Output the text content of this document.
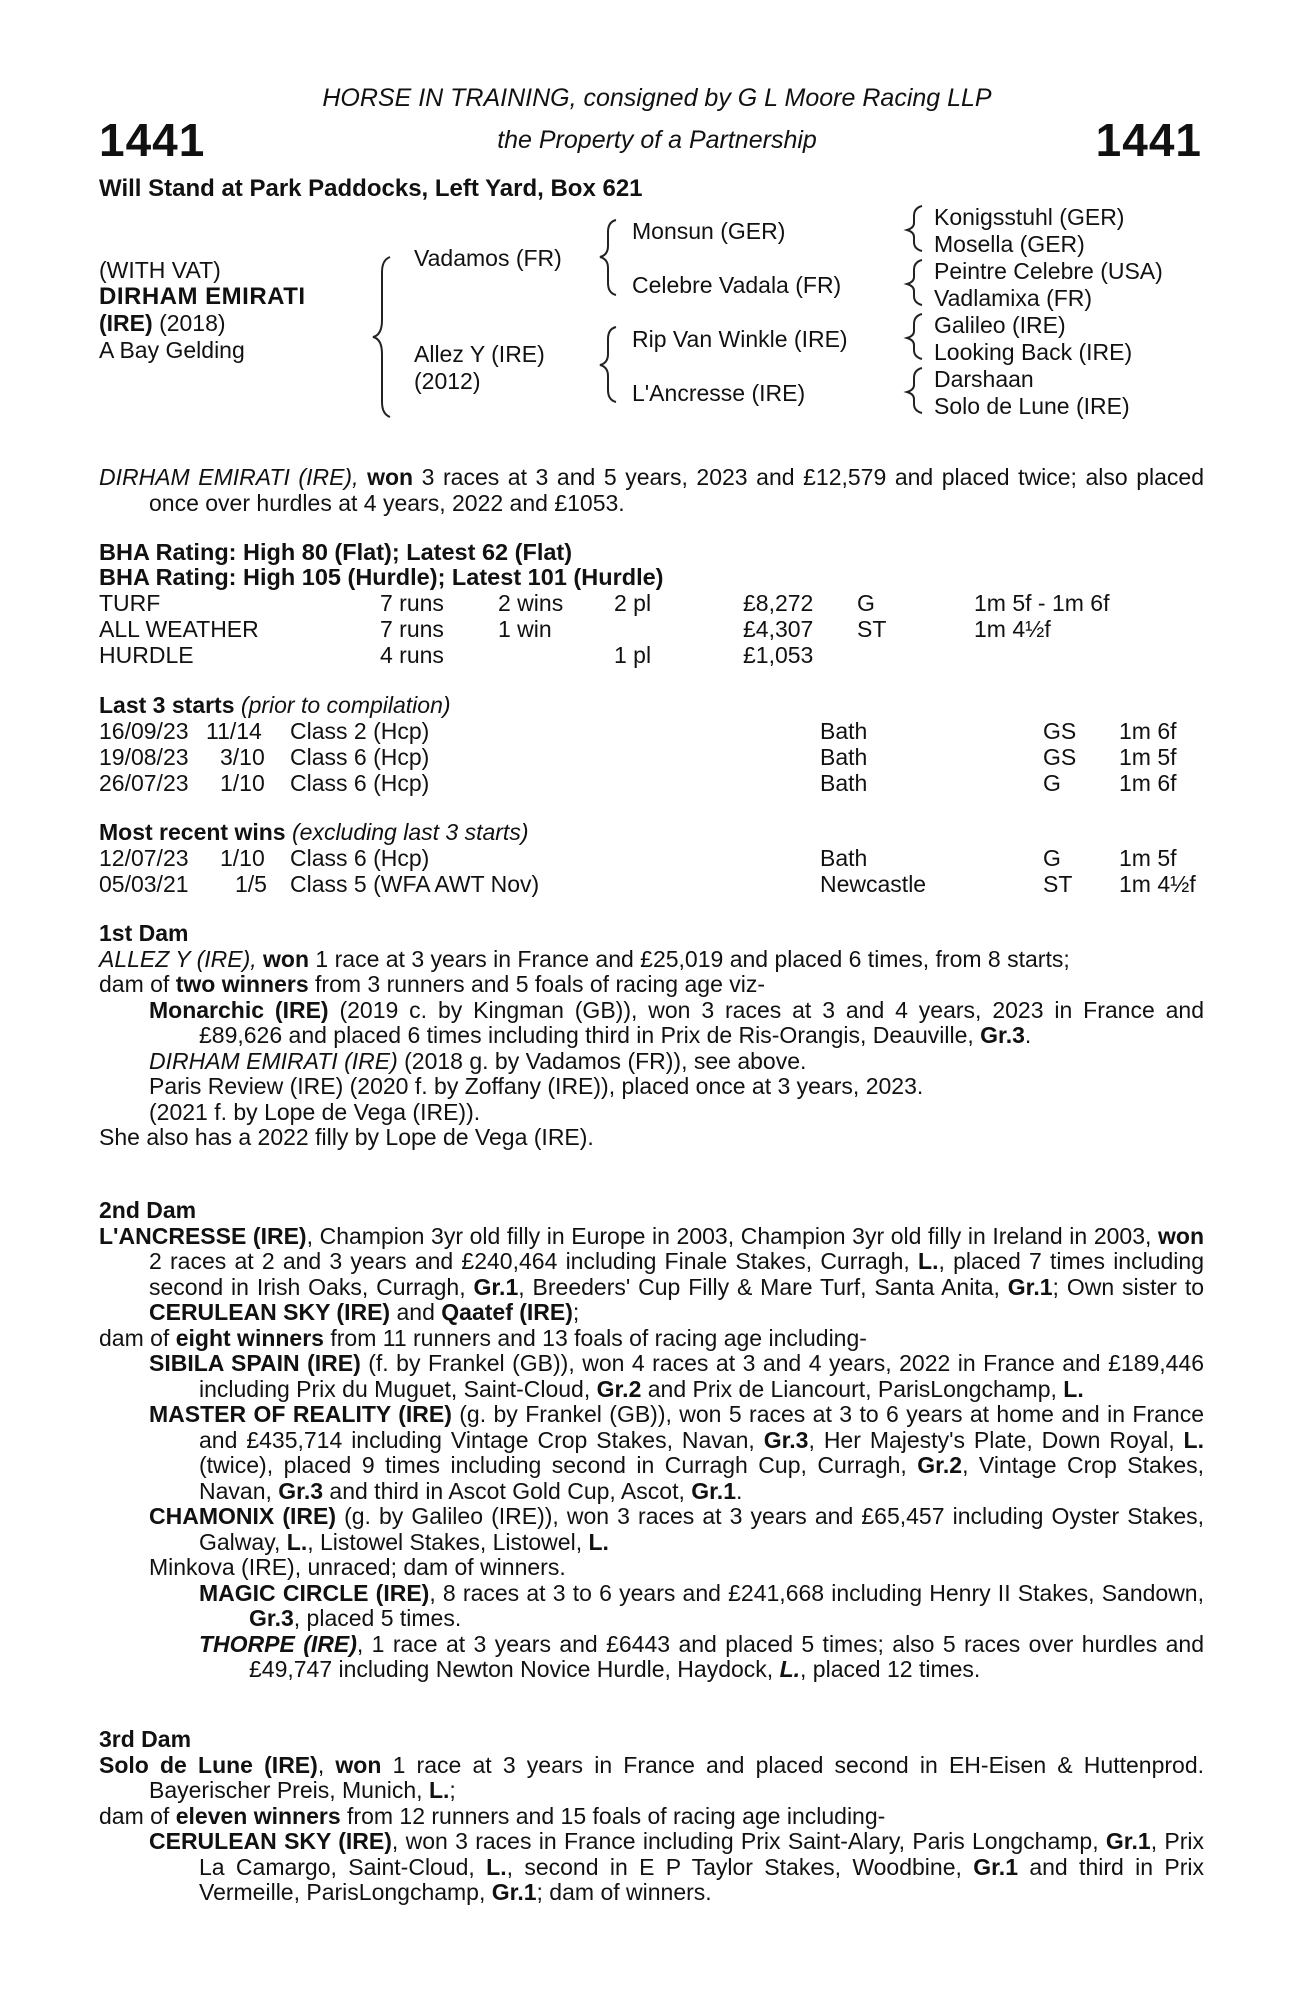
1441	1441
HORSE IN TRAINING, consigned by G L Moore Racing LLP
the Property of a Partnership
Will Stand at Park Paddocks, Left Yard, Box 621
(WITH VAT)
DIRHAM EMIRATI
(IRE) (2018)
A Bay Gelding
Vadamos (FR)
Allez Y (IRE)
(2012)
Monsun (GER)
Celebre Vadala (FR)
Rip Van Winkle (IRE)
L'Ancresse (IRE)
Konigsstuhl (GER)
Mosella (GER)
Peintre Celebre (USA)
Vadlamixa (FR)
Galileo (IRE)
Looking Back (IRE)
Darshaan
Solo de Lune (IRE)

DIRHAM EMIRATI (IRE), won 3 races at 3 and 5 years, 2023 and £12,579 and placed twice; also placed once over hurdles at 4 years, 2022 and £1053.

BHA Rating: High 80 (Flat); Latest 62 (Flat)
BHA Rating: High 105 (Hurdle); Latest 101 (Hurdle)
TURF	7 runs 2 wins 2 pl	£8,272 G	1m 5f - 1m 6f
ALL WEATHER	7 runs 1 win	£4,307 ST	1m 4½f
HURDLE	4 runs	1 pl	£1,053
Last 3 starts (prior to compilation)
16/09/23 11/14 Class 2 (Hcp)	Bath	GS 1m 6f
19/08/23 3/10 Class 6 (Hcp)	Bath	GS 1m 5f
26/07/23 1/10 Class 6 (Hcp)	Bath	G	1m 6f
Most recent wins (excluding last 3 starts)
12/07/23 1/10 Class 6 (Hcp)	Bath	G	1m 5f
05/03/21 1/5 Class 5 (WFA AWT Nov)	Newcastle	ST 1m 4½f

1st Dam

ALLEZ Y (IRE), won 1 race at 3 years in France and £25,019 and placed 6 times, from 8 starts;

dam of two winners from 3 runners and 5 foals of racing age viz-

Monarchic (IRE) (2019 c. by Kingman (GB)), won 3 races at 3 and 4 years, 2023 in France and £89,626 and placed 6 times including third in Prix de Ris-Orangis, Deauville, Gr.3.

DIRHAM EMIRATI (IRE) (2018 g. by Vadamos (FR)), see above.

Paris Review (IRE) (2020 f. by Zoffany (IRE)), placed once at 3 years, 2023.

(2021 f. by Lope de Vega (IRE)).

She also has a 2022 filly by Lope de Vega (IRE).

2nd Dam

L'ANCRESSE (IRE), Champion 3yr old filly in Europe in 2003, Champion 3yr old filly in Ireland in 2003, won 2 races at 2 and 3 years and £240,464 including Finale Stakes, Curragh, L., placed 7 times including second in Irish Oaks, Curragh, Gr.1, Breeders' Cup Filly & Mare Turf, Santa Anita, Gr.1; Own sister to CERULEAN SKY (IRE) and Qaatef (IRE);

dam of eight winners from 11 runners and 13 foals of racing age including-

SIBILA SPAIN (IRE) (f. by Frankel (GB)), won 4 races at 3 and 4 years, 2022 in France and £189,446 including Prix du Muguet, Saint-Cloud, Gr.2 and Prix de Liancourt, ParisLongchamp, L.

MASTER OF REALITY (IRE) (g. by Frankel (GB)), won 5 races at 3 to 6 years at home and in France and £435,714 including Vintage Crop Stakes, Navan, Gr.3, Her Majesty's Plate, Down Royal, L. (twice), placed 9 times including second in Curragh Cup, Curragh, Gr.2, Vintage Crop Stakes, Navan, Gr.3 and third in Ascot Gold Cup, Ascot, Gr.1.

CHAMONIX (IRE) (g. by Galileo (IRE)), won 3 races at 3 years and £65,457 including Oyster Stakes, Galway, L., Listowel Stakes, Listowel, L.

Minkova (IRE), unraced; dam of winners.

MAGIC CIRCLE (IRE), 8 races at 3 to 6 years and £241,668 including Henry II Stakes, Sandown, Gr.3, placed 5 times.

THORPE (IRE), 1 race at 3 years and £6443 and placed 5 times; also 5 races over hurdles and £49,747 including Newton Novice Hurdle, Haydock, L., placed 12 times.

3rd Dam

Solo de Lune (IRE), won 1 race at 3 years in France and placed second in EH-Eisen & Huttenprod. Bayerischer Preis, Munich, L.;

dam of eleven winners from 12 runners and 15 foals of racing age including-

CERULEAN SKY (IRE), won 3 races in France including Prix Saint-Alary, Paris Longchamp, Gr.1, Prix La Camargo, Saint-Cloud, L., second in E P Taylor Stakes, Woodbine, Gr.1 and third in Prix Vermeille, ParisLongchamp, Gr.1; dam of winners.
